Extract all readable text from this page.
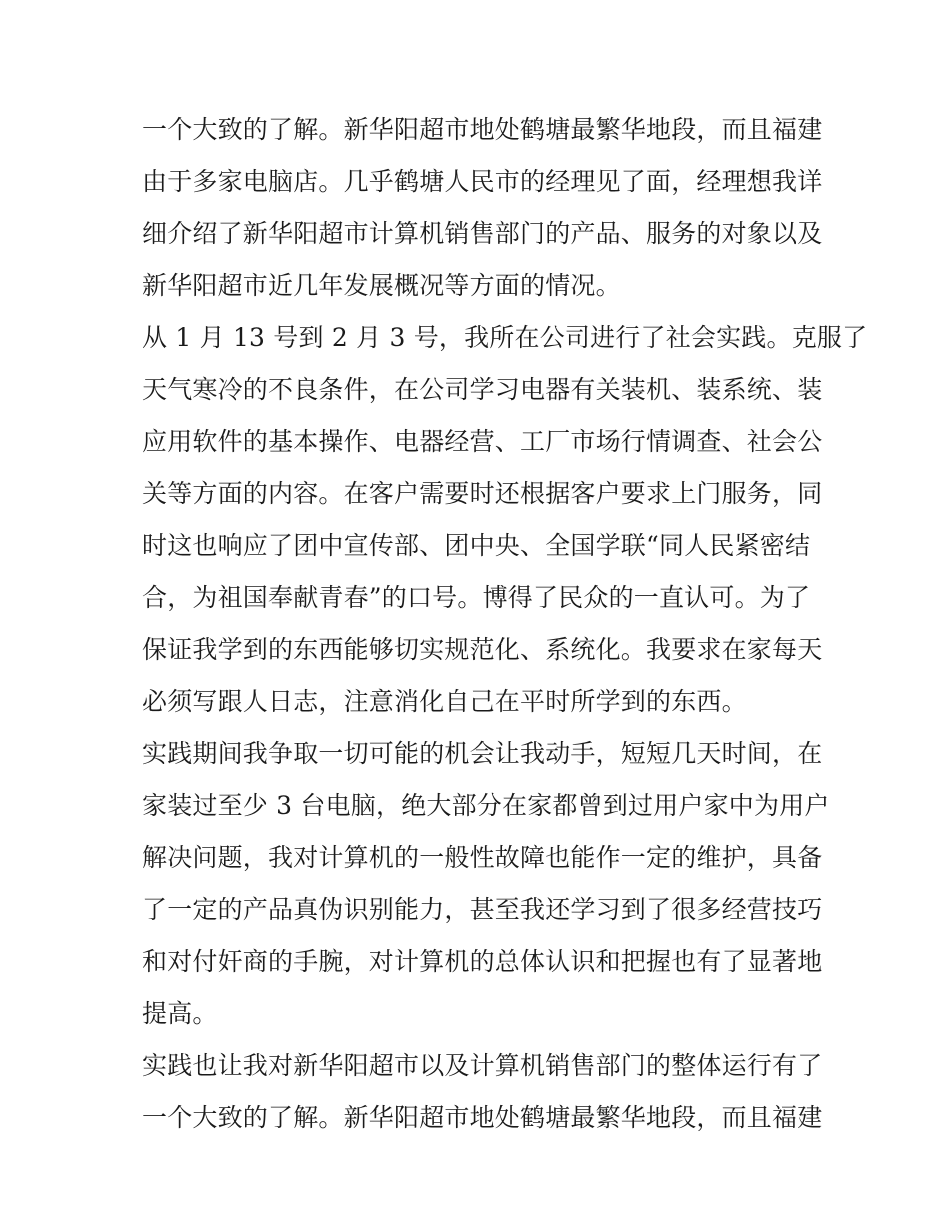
一个大致的了解。新华阳超市地处鹤塘最繁华地段，而且福建
由于多家电脑店。几乎鹤塘人民市的经理见了面，经理想我详
细介绍了新华阳超市计算机销售部门的产品、服务的对象以及
新华阳超市近几年发展概况等方面的情况。
从 1 月 13 号到 2 月 3 号，我所在公司进行了社会实践。克服了
天气寒冷的不良条件，在公司学习电器有关装机、装系统、装
应用软件的基本操作、电器经营、工厂市场行情调查、社会公
关等方面的内容。在客户需要时还根据客户要求上门服务，同
时这也响应了团中宣传部、团中央、全国学联“同人民紧密结
合，为祖国奉献青春”的口号。博得了民众的一直认可。为了
保证我学到的东西能够切实规范化、系统化。我要求在家每天
必须写跟人日志，注意消化自己在平时所学到的东西。
实践期间我争取一切可能的机会让我动手，短短几天时间，在
家装过至少 3 台电脑，绝大部分在家都曾到过用户家中为用户
解决问题，我对计算机的一般性故障也能作一定的维护，具备
了一定的产品真伪识别能力，甚至我还学习到了很多经营技巧
和对付奸商的手腕，对计算机的总体认识和把握也有了显著地
提高。
实践也让我对新华阳超市以及计算机销售部门的整体运行有了
一个大致的了解。新华阳超市地处鹤塘最繁华地段，而且福建
